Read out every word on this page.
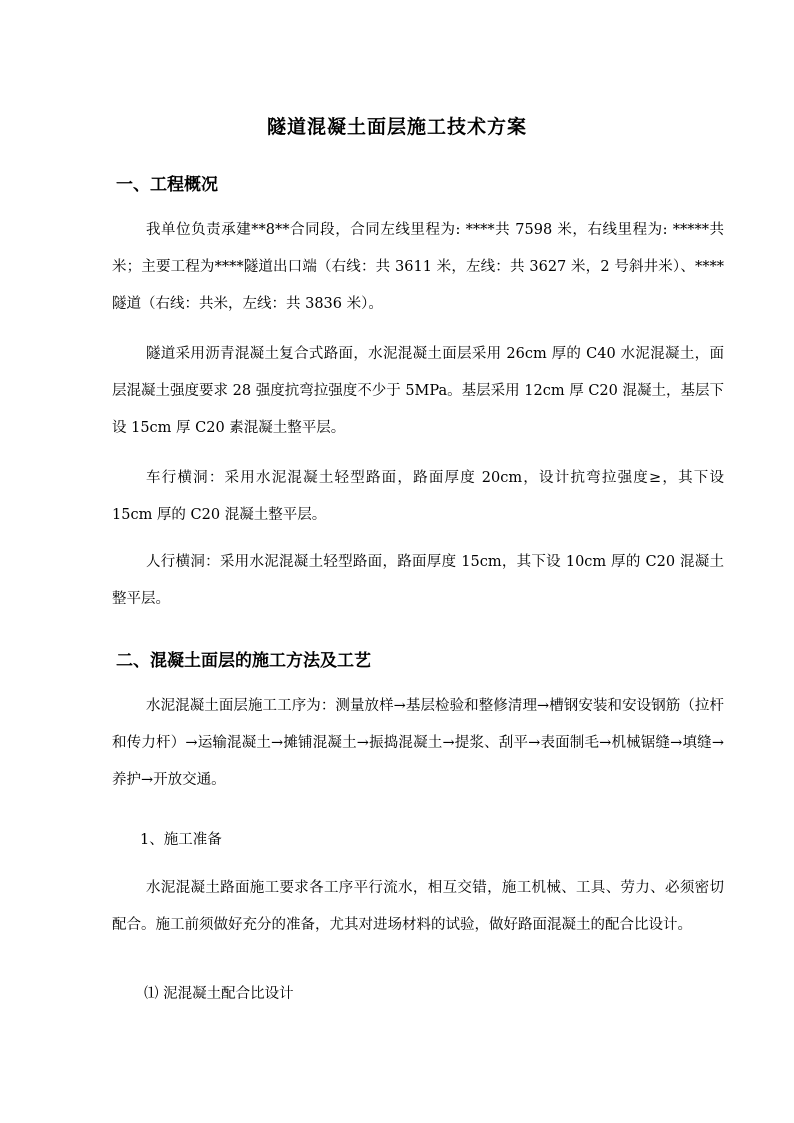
隧道混凝土面层施工技术方案
一、工程概况
我单位负责承建**8**合同段，合同左线里程为: ****共 7598 米，右线里程为: *****共米；主要工程为****隧道出口端（右线：共 3611 米，左线：共 3627 米，2 号斜井米）、****隧道（右线：共米，左线：共 3836 米）。
隧道采用沥青混凝土复合式路面，水泥混凝土面层采用 26cm 厚的 C40 水泥混凝土，面层混凝土强度要求 28 强度抗弯拉强度不少于 5MPa。基层采用 12cm 厚 C20 混凝土，基层下设 15cm 厚 C20 素混凝土整平层。
车行横洞：采用水泥混凝土轻型路面，路面厚度 20cm，设计抗弯拉强度≥，其下设 15cm 厚的 C20 混凝土整平层。
人行横洞：采用水泥混凝土轻型路面，路面厚度 15cm，其下设 10cm 厚的 C20 混凝土整平层。
二、混凝土面层的施工方法及工艺
水泥混凝土面层施工工序为：测量放样→基层检验和整修清理→槽钢安装和安设钢筋（拉杆和传力杆）→运输混凝土→摊铺混凝土→振捣混凝土→提浆、刮平→表面制毛→机械锯缝→填缝→养护→开放交通。
1、施工准备
水泥混凝土路面施工要求各工序平行流水，相互交错，施工机械、工具、劳力、必须密切配合。施工前须做好充分的准备，尤其对进场材料的试验，做好路面混凝土的配合比设计。
⑴ 泥混凝土配合比设计
